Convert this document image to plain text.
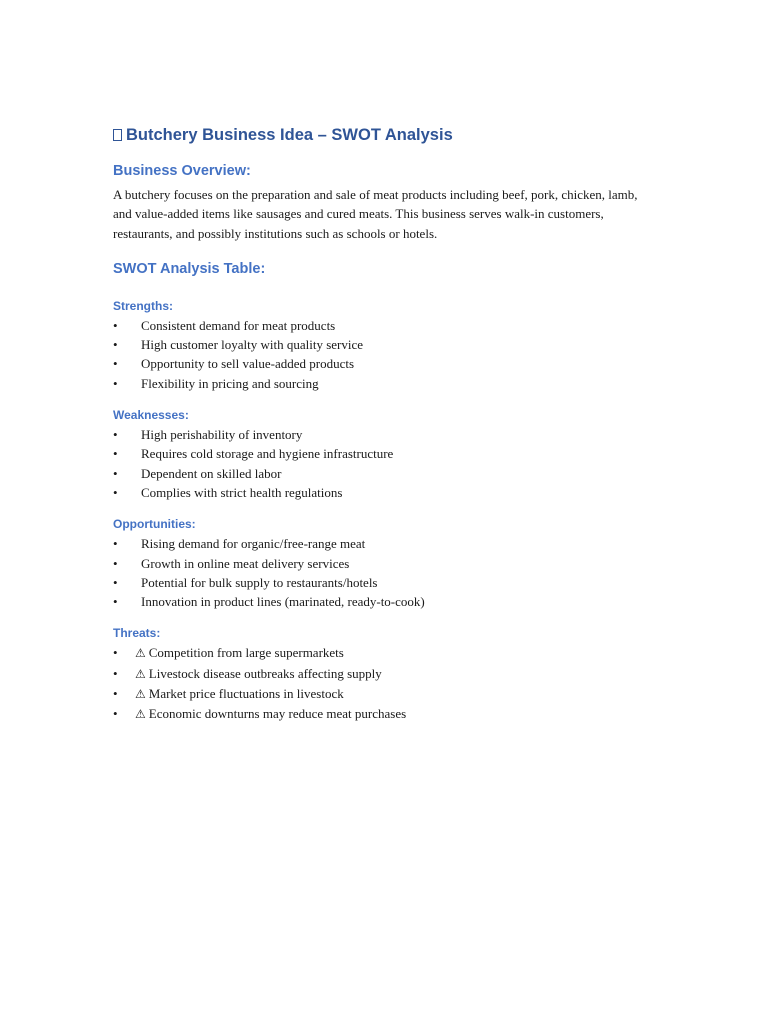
Butchery Business Idea – SWOT Analysis
Business Overview:

A butchery focuses on the preparation and sale of meat products including beef, pork, chicken, lamb, and value-added items like sausages and cured meats. This business serves walk-in customers, restaurants, and possibly institutions such as schools or hotels.

SWOT Analysis Table:
Strengths:
• Consistent demand for meat products
• High customer loyalty with quality service
• Opportunity to sell value-added products
• Flexibility in pricing and sourcing
Weaknesses:
• High perishability of inventory
• Requires cold storage and hygiene infrastructure
• Dependent on skilled labor
• Complies with strict health regulations
Opportunities:
• Rising demand for organic/free-range meat
• Growth in online meat delivery services
• Potential for bulk supply to restaurants/hotels
• Innovation in product lines (marinated, ready-to-cook)
Threats:
• ⚠ Competition from large supermarkets
• ⚠ Livestock disease outbreaks affecting supply
• ⚠ Market price fluctuations in livestock
• ⚠ Economic downturns may reduce meat purchases
